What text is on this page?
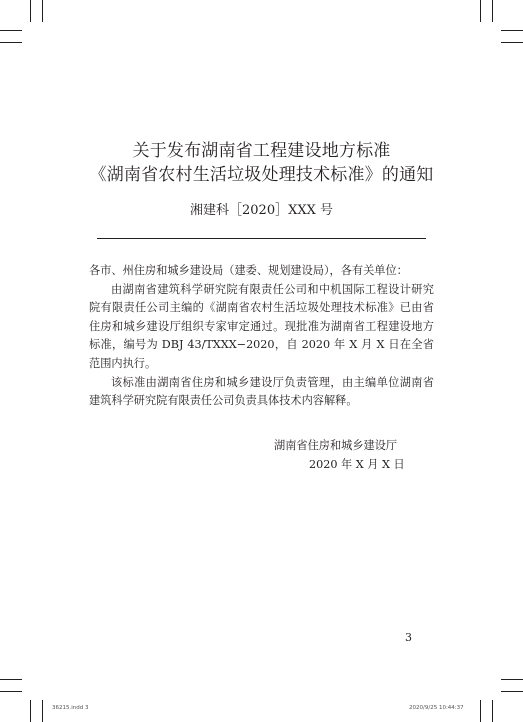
关于发布湖南省工程建设地方标准
《湖南省农村生活垃圾处理技术标准》的通知
湘建科［2020］XXX 号

各市、州住房和城乡建设局（建委、规划建设局），各有关单位：

由湖南省建筑科学研究院有限责任公司和中机国际工程设计研究院有限责任公司主编的《湖南省农村生活垃圾处理技术标准》已由省住房和城乡建设厅组织专家审定通过。现批准为湖南省工程建设地方标准，编号为 DBJ 43/TXXX−2020，自 2020 年 X 月 X 日在全省范围内执行。

该标准由湖南省住房和城乡建设厅负责管理，由主编单位湖南省建筑科学研究院有限责任公司负责具体技术内容解释。

湖南省住房和城乡建设厅
2020 年 X 月 X 日
3
36215.indd 3	2020/9/25 10:44:37
